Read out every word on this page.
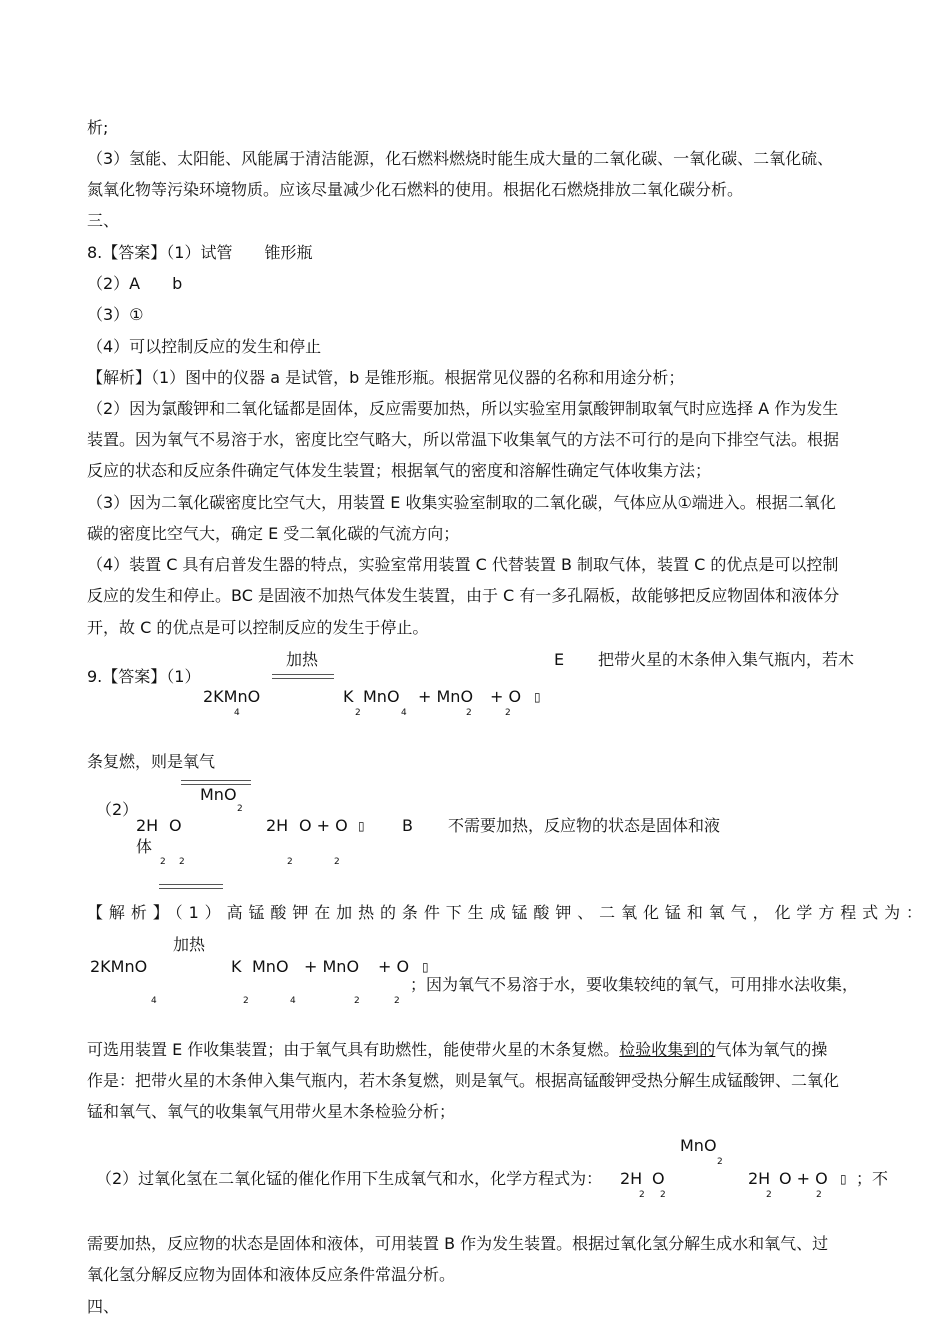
析;
（3）氢能、太阳能、风能属于清洁能源，化石燃料燃烧时能生成大量的二氧化碳、一氧化碳、二氧化硫、
氮氧化物等污染环境物质。应该尽量减少化石燃料的使用。根据化石燃烧排放二氧化碳分析。
三、
8.【答案】（1）试管　　锥形瓶
（2）A　　b
（3）①
（4）可以控制反应的发生和停止
【解析】（1）图中的仪器 a 是试管，b 是锥形瓶。根据常见仪器的名称和用途分析；
（2）因为氯酸钾和二氧化锰都是固体，反应需要加热，所以实验室用氯酸钾制取氧气时应选择 A 作为发生
装置。因为氧气不易溶于水，密度比空气略大，所以常温下收集氧气的方法不可行的是向下排空气法。根据
反应的状态和反应条件确定气体发生装置；根据氧气的密度和溶解性确定气体收集方法；
（3）因为二氧化碳密度比空气大，用装置 E 收集实验室制取的二氧化碳，气体应从①端进入。根据二氧化
碳的密度比空气大，确定 E 受二氧化碳的气流方向；
（4）装置 C 具有启普发生器的特点，实验室常用装置 C 代替装置 B 制取气体，装置 C 的优点是可以控制
反应的发生和停止。BC 是固液不加热气体发生装置，由于 C 有一多孔隔板，故能够把反应物固体和液体分
开，故 C 的优点是可以控制反应的发生于停止。
9.【答案】（1）
加热
2KMnO
4
K
2
MnO
4
+ MnO
2
+ O
2
▯
E 把带火星的木条伸入集气瓶内，若木
条复燃，则是氧气
MnO
2
（2）
2H O
体
2 2
2H
2
O + O
2
▯ B 不需要加热，反应物的状态是固体和液
【解析】（1）高锰酸钾在加热的条件下生成锰酸钾、二氧化锰和氧气，化学方程式为：
加热
2KMnO
4
K
2
MnO
4
+ MnO
2
+ O
2
▯
；因为氧气不易溶于水，要收集较纯的氧气，可用排水法收集，
可选用装置 E 作收集装置；由于氧气具有助燃性，能使带火星的木条复燃。检验收集到的气体为氧气的操
作是：把带火星的木条伸入集气瓶内，若木条复燃，则是氧气。根据高锰酸钾受热分解生成锰酸钾、二氧化
锰和氧气、氧气的收集氧气用带火星木条检验分析；
MnO
2
（2）过氧化氢在二氧化锰的催化作用下生成氧气和水，化学方程式为： 2H
2
O
2
2H
2
O + O
2
▯ ；不
需要加热，反应物的状态是固体和液体，可用装置 B 作为发生装置。根据过氧化氢分解生成水和氧气、过
氧化氢分解反应物为固体和液体反应条件常温分析。
四、
